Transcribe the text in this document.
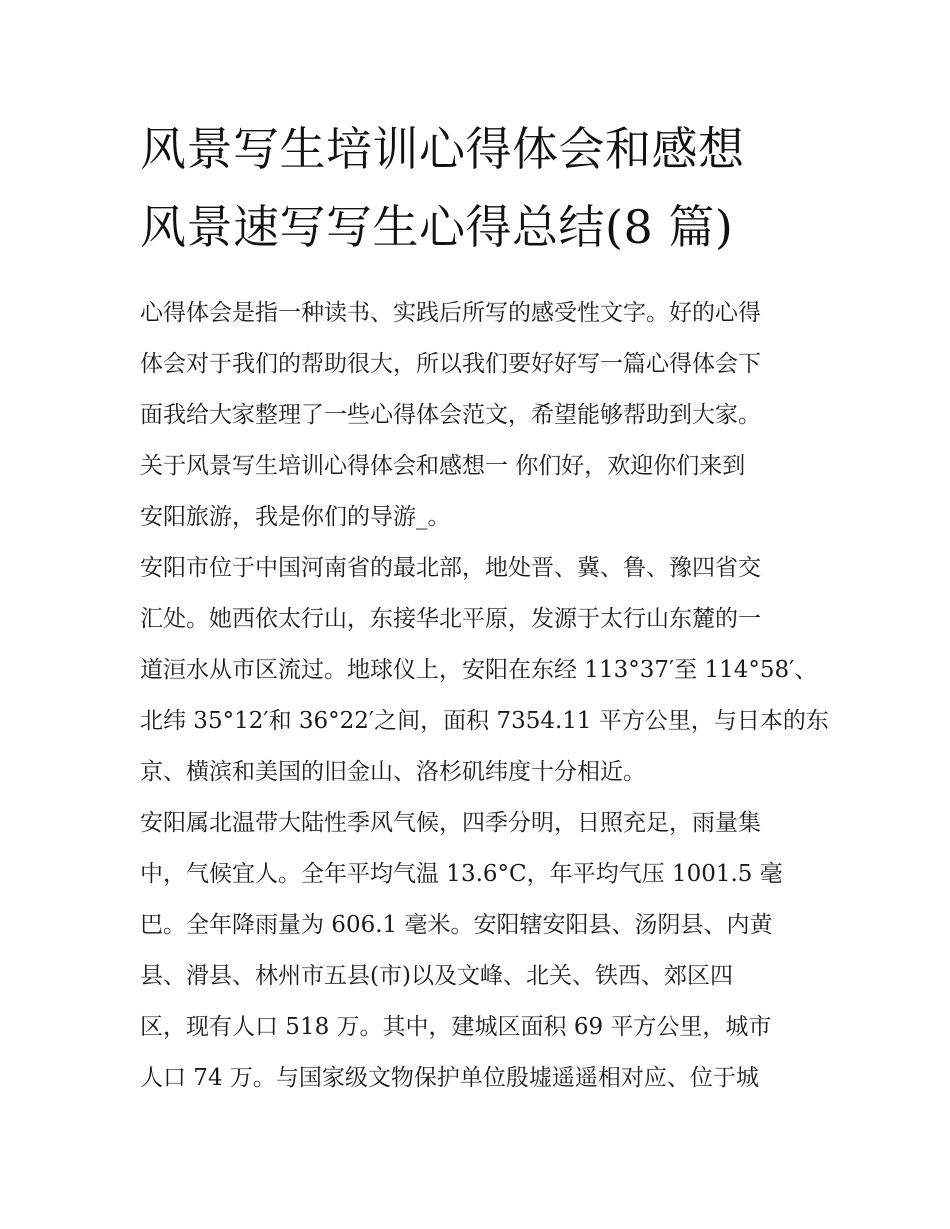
风景写生培训心得体会和感想
风景速写写生心得总结(8 篇)

心得体会是指一种读书、实践后所写的感受性文字。好的心得
体会对于我们的帮助很大，所以我们要好好写一篇心得体会下
面我给大家整理了一些心得体会范文，希望能够帮助到大家。
关于风景写生培训心得体会和感想一 你们好，欢迎你们来到
安阳旅游，我是你们的导游_。

安阳市位于中国河南省的最北部，地处晋、冀、鲁、豫四省交
汇处。她西依太行山，东接华北平原，发源于太行山东麓的一
道洹水从市区流过。地球仪上，安阳在东经 113°37′至 114°58′、
北纬 35°12′和 36°22′之间，面积 7354.11 平方公里，与日本的东
京、横滨和美国的旧金山、洛杉矶纬度十分相近。

安阳属北温带大陆性季风气候，四季分明，日照充足，雨量集
中，气候宜人。全年平均气温 13.6°C，年平均气压 1001.5 毫
巴。全年降雨量为 606.1 毫米。安阳辖安阳县、汤阴县、内黄
县、滑县、林州市五县(市)以及文峰、北关、铁西、郊区四
区，现有人口 518 万。其中，建城区面积 69 平方公里，城市
人口 74 万。与国家级文物保护单位殷墟遥遥相对应、位于城
